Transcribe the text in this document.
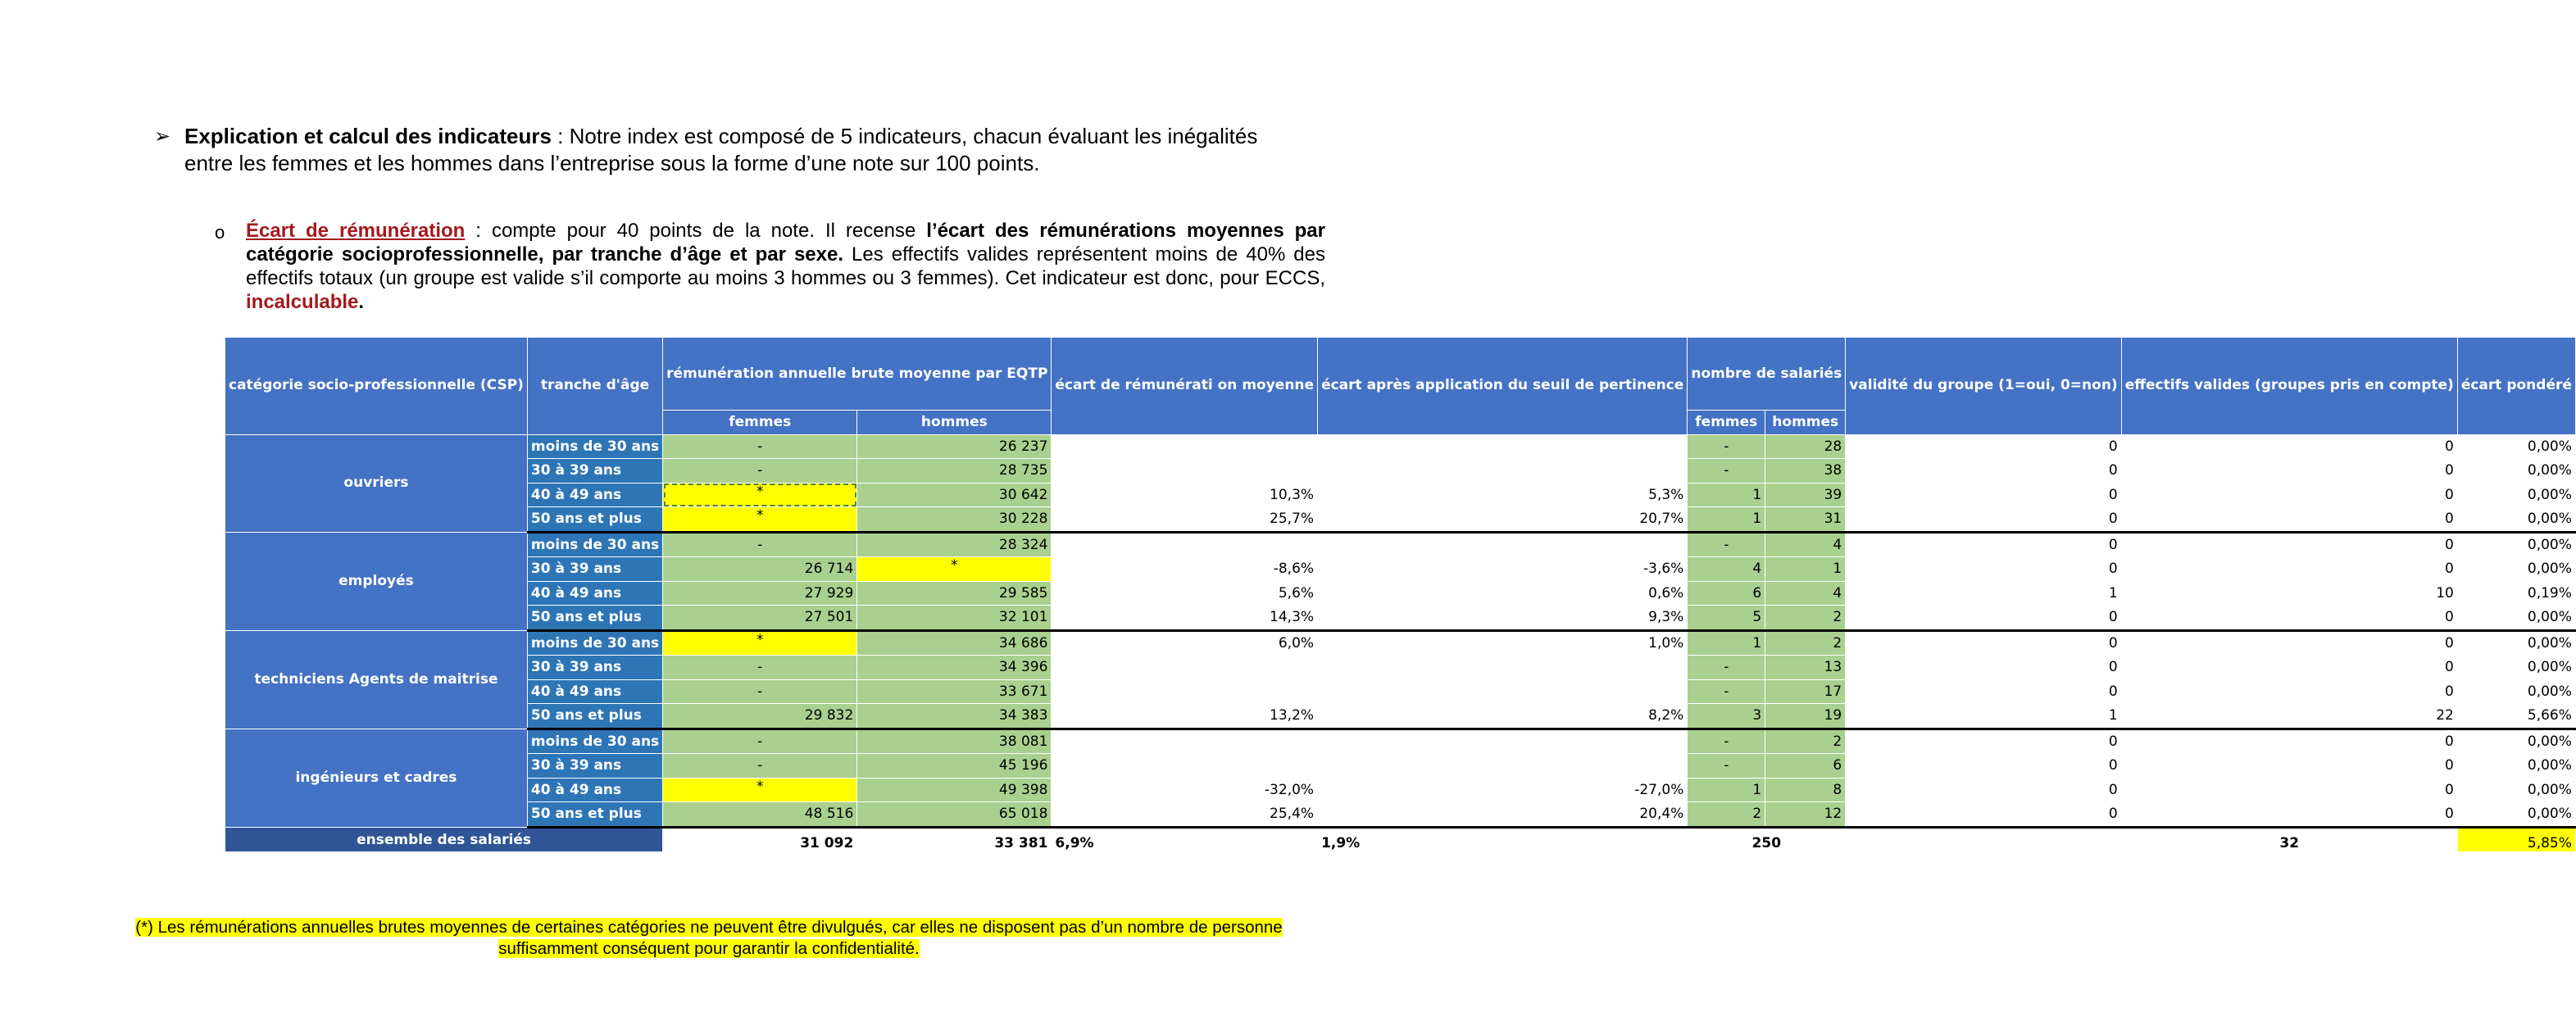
➢ Explication et calcul des indicateurs : Notre index est composé de 5 indicateurs, chacun évaluant les inégalités entre les femmes et les hommes dans l’entreprise sous la forme d’une note sur 100 points.
o Écart de rémunération : compte pour 40 points de la note. Il recense l’écart des rémunérations moyennes par catégorie socioprofessionnelle, par tranche d’âge et par sexe. Les effectifs valides représentent moins de 40% des effectifs totaux (un groupe est valide s’il comporte au moins 3 hommes ou 3 femmes). Cet indicateur est donc, pour ECCS, incalculable.
catégorie socio-professionnelle (CSP)	tranche d'âge	rémunération annuelle brute moyenne par EQTP		écart de rémunérati on moyenne	écart après application du seuil de pertinence	nombre de salariés		validité du groupe (1=oui, 0=non)	effectifs valides (groupes pris en compte)	écart pondéré
		femmes	hommes			femmes	hommes			
ouvriers	moins de 30 ans	-	26 237			-	28	0	0	0,00%
	30 à 39 ans	-	28 735			-	38	0	0	0,00%
	40 à 49 ans	*	30 642	10,3%	5,3%	1	39	0	0	0,00%
	50 ans et plus	*	30 228	25,7%	20,7%	1	31	0	0	0,00%
employés	moins de 30 ans	-	28 324			-	4	0	0	0,00%
	30 à 39 ans	26 714	*	-8,6%	-3,6%	4	1	0	0	0,00%
	40 à 49 ans	27 929	29 585	5,6%	0,6%	6	4	1	10	0,19%
	50 ans et plus	27 501	32 101	14,3%	9,3%	5	2	0	0	0,00%
techniciens Agents de maitrise	moins de 30 ans	*	34 686	6,0%	1,0%	1	2	0	0	0,00%
	30 à 39 ans	-	34 396			-	13	0	0	0,00%
	40 à 49 ans	-	33 671			-	17	0	0	0,00%
	50 ans et plus	29 832	34 383	13,2%	8,2%	3	19	1	22	5,66%
ingénieurs et cadres	moins de 30 ans	-	38 081			-	2	0	0	0,00%
	30 à 39 ans	-	45 196			-	6	0	0	0,00%
	40 à 49 ans	*	49 398	-32,0%	-27,0%	1	8	0	0	0,00%
	50 ans et plus	48 516	65 018	25,4%	20,4%	2	12	0	0	0,00%
ensemble des salariés		31 092	33 381	6,9%	1,9%	250			32	5,85%
(*) Les rémunérations annuelles brutes moyennes de certaines catégories ne peuvent être divulgués, car elles ne disposent pas d’un nombre de personne suffisamment conséquent pour garantir la confidentialité.
